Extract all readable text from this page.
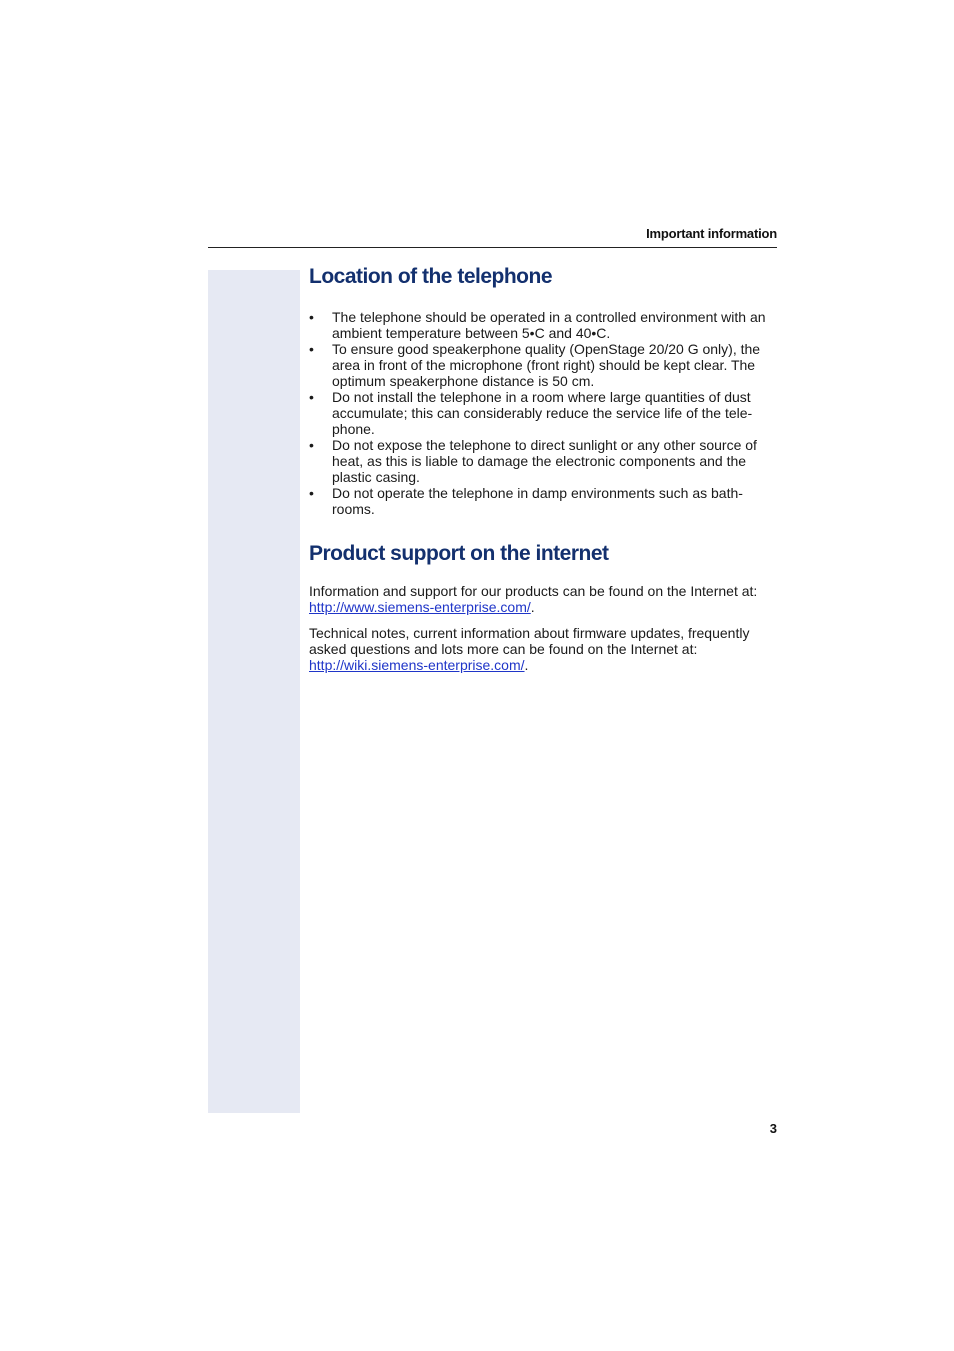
Important information
Location of the telephone
•	The telephone should be operated in a controlled environment with an ambient temperature between 5•C and 40•C.
•	To ensure good speakerphone quality (OpenStage 20/20 G only), the area in front of the microphone (front right) should be kept clear. The optimum speakerphone distance is 50 cm.
•	Do not install the telephone in a room where large quantities of dust accumulate; this can considerably reduce the service life of the tele-phone.
•	Do not expose the telephone to direct sunlight or any other source of heat, as this is liable to damage the electronic components and the plastic casing.
•	Do not operate the telephone in damp environments such as bath-rooms.
Product support on the internet

Information and support for our products can be found on the Internet at: http://www.siemens-enterprise.com/.

Technical notes, current information about firmware updates, frequently asked questions and lots more can be found on the Internet at: http://wiki.siemens-enterprise.com/.

3
